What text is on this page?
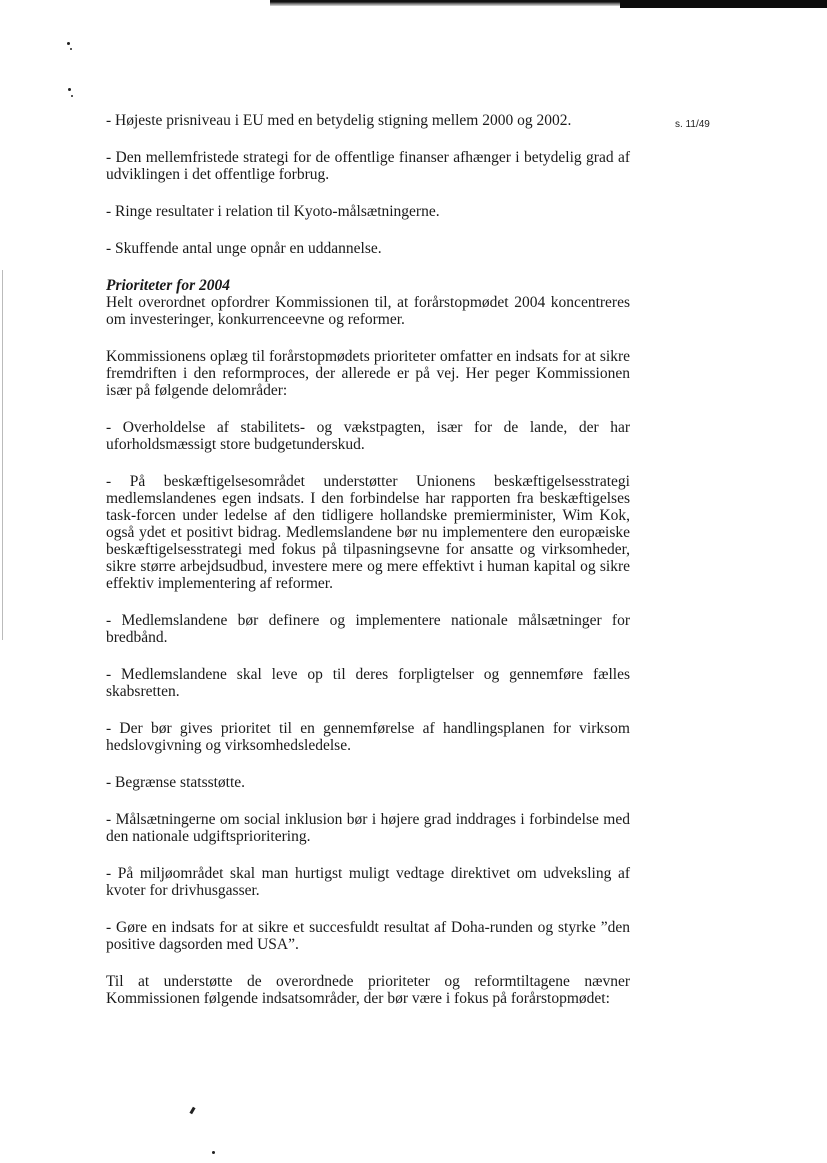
s. 11/49

- Højeste prisniveau i EU med en betydelig stigning mellem 2000 og 2002.

- Den mellemfristede strategi for de offentlige finanser afhænger i betydelig grad af udviklingen i det offentlige forbrug.

- Ringe resultater i relation til Kyoto-målsætningerne.

- Skuffende antal unge opnår en uddannelse.

Prioriteter for 2004

Helt overordnet opfordrer Kommissionen til, at forårstopmødet 2004 koncentreres om investeringer, konkurrenceevne og reformer.

Kommissionens oplæg til forårstopmødets prioriteter omfatter en indsats for at sikre fremdriften i den reformproces, der allerede er på vej. Her peger Kommissionen især på følgende delområder:

- Overholdelse af stabilitets- og vækstpagten, især for de lande, der har uforholdsmæssigt store budgetunderskud.

- På beskæftigelsesområdet understøtter Unionens beskæftigelsesstrategi medlemslandenes egen indsats. I den forbindelse har rapporten fra beskæftigelses task-forcen under ledelse af den tidligere hollandske premierminister, Wim Kok, også ydet et positivt bidrag. Medlemslandene bør nu implementere den europæiske beskæftigelsesstrategi med fokus på tilpasningsevne for ansatte og virksomheder, sikre større arbejdsudbud, investere mere og mere effektivt i human kapital og sikre effektiv implementering af reformer.

- Medlemslandene bør definere og implementere nationale målsætninger for bredbånd.

- Medlemslandene skal leve op til deres forpligtelser og gennemføre fælles skabsretten.

- Der bør gives prioritet til en gennemførelse af handlingsplanen for virksom hedslovgivning og virksomhedsledelse.

- Begrænse statsstøtte.

- Målsætningerne om social inklusion bør i højere grad inddrages i forbindelse med den nationale udgiftsprioritering.

- På miljøområdet skal man hurtigst muligt vedtage direktivet om udveksling af kvoter for drivhusgasser.

- Gøre en indsats for at sikre et succesfuldt resultat af Doha-runden og styrke ”den positive dagsorden med USA”.

Til at understøtte de overordnede prioriteter og reformtiltagene nævner Kommissionen følgende indsatsområder, der bør være i fokus på forårstopmødet:
